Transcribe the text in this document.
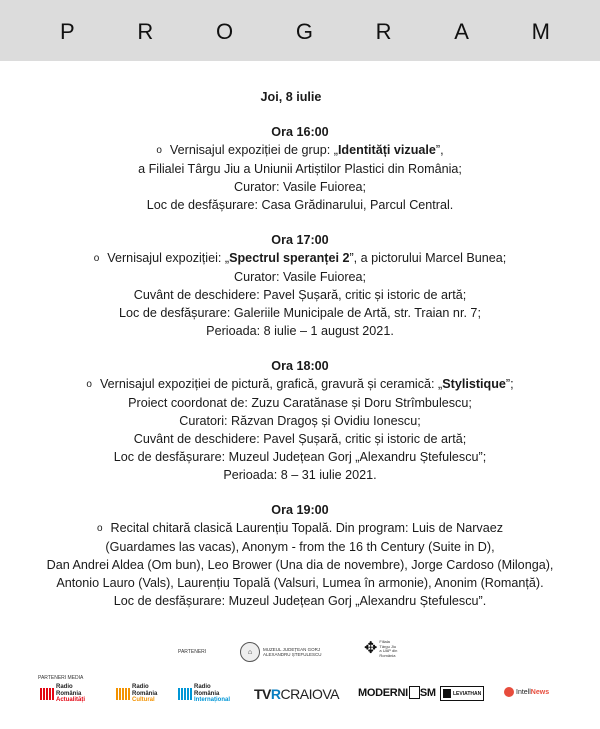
P	R	O	G	R	A	M
Joi, 8 iulie
Ora 16:00
o Vernisajul expoziției de grup: „Identități vizuale”,
a Filialei Târgu Jiu a Uniunii Artiștilor Plastici din România;
Curator: Vasile Fuiorea;
Loc de desfășurare: Casa Grădinarului, Parcul Central.
Ora 17:00
o Vernisajul expoziției: „Spectrul speranței 2”, a pictorului Marcel Bunea;
Curator: Vasile Fuiorea;
Cuvânt de deschidere: Pavel Șușară, critic și istoric de artă;
Loc de desfășurare: Galeriile Municipale de Artă, str. Traian nr. 7;
Perioada: 8 iulie – 1 august 2021.
Ora 18:00
o Vernisajul expoziției de pictură, grafică, gravură și ceramică: „Stylistique”;
Proiect coordonat de: Zuzu Caratănase și Doru Strîmbulescu;
Curatori: Răzvan Dragoș și Ovidiu Ionescu;
Cuvânt de deschidere: Pavel Șușară, critic și istoric de artă;
Loc de desfășurare: Muzeul Județean Gorj „Alexandru Ștefulescu”;
Perioada: 8 – 31 iulie 2021.
Ora 19:00
o Recital chitară clasică Laurențiu Topală. Din program: Luis de Narvaez
(Guardames las vacas), Anonym - from the 16 th Century (Suite in D),
Dan Andrei Aldea (Om bun), Leo Brower (Una dia de novembre), Jorge Cardoso (Milonga),
Antonio Lauro (Vals), Laurențiu Topală (Valsuri, Lumea în armonie), Anonim (Romanță).
Loc de desfășurare: Muzeul Județean Gorj „Alexandru Ștefulescu”.
PARTENERI	⌂	MUZEUL JUDEȚEAN GORJ
ALEXANDRU ȘTEFULESCU	✥ Filiala
Târgu Jiu
a UAP din
România
PARTENERI MEDIA
Radio
România
Actualități
Radio
România
Cultural
Radio
România
Internațional TV R CRAIOVA MODERN I SM	LEVIATHAN	Intell News
